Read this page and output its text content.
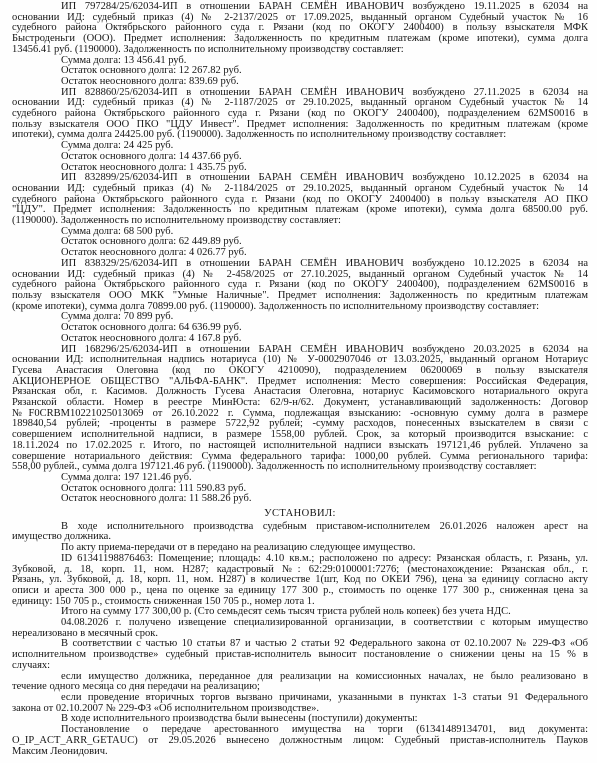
ИП 797284/25/62034-ИП в отношении БАРАН СЕМЁН ИВАНОВИЧ возбуждено 19.11.2025 в 62034 на
основании ИД: судебный приказ (4) № 2-2137/2025 от 17.09.2025, выданный органом Судебный участок № 16
судебного района Октябрьского районного суда г. Рязани (код по ОКОГУ 2400400) в пользу взыскателя МФК
Быстроденьги (ООО). Предмет исполнения: Задолженность по кредитным платежам (кроме ипотеки), сумма долга
13456.41 руб. (1190000). Задолженность по исполнительному производству составляет:
Сумма долга: 13 456.41 руб.
Остаток основного долга: 12 267.82 руб.
Остаток неосновного долга: 839.69 руб.
ИП 828860/25/62034-ИП в отношении БАРАН СЕМЁН ИВАНОВИЧ возбуждено 27.11.2025 в 62034 на
основании ИД: судебный приказ (4) № 2-1187/2025 от 29.10.2025, выданный органом Судебный участок № 14
судебного района Октябрьского районного суда г. Рязани (код по ОКОГУ 2400400), подразделением 62MS0016 в
пользу взыскателя ООО ПКО "ЦДУ Инвест". Предмет исполнения: Задолженность по кредитным платежам (кроме
ипотеки), сумма долга 24425.00 руб. (1190000). Задолженность по исполнительному производству составляет:
Сумма долга: 24 425 руб.
Остаток основного долга: 14 437.66 руб.
Остаток неосновного долга: 1 435.75 руб.
ИП 832899/25/62034-ИП в отношении БАРАН СЕМЁН ИВАНОВИЧ возбуждено 10.12.2025 в 62034 на
основании ИД: судебный приказ (4) № 2-1184/2025 от 29.10.2025, выданный органом Судебный участок № 14
судебного района Октябрьского районного суда г. Рязани (код по ОКОГУ 2400400) в пользу взыскателя АО ПКО
"ЦДУ". Предмет исполнения: Задолженность по кредитным платежам (кроме ипотеки), сумма долга 68500.00 руб.
(1190000). Задолженность по исполнительному производству составляет:
Сумма долга: 68 500 руб.
Остаток основного долга: 62 449.89 руб.
Остаток неосновного долга: 4 026.77 руб.
ИП 838329/25/62034-ИП в отношении БАРАН СЕМЁН ИВАНОВИЧ возбуждено 10.12.2025 в 62034 на
основании ИД: судебный приказ (4) № 2-458/2025 от 27.10.2025, выданный органом Судебный участок № 14
судебного района Октябрьского районного суда г. Рязани (код по ОКОГУ 2400400), подразделением 62MS0016 в
пользу взыскателя ООО МКК "Умные Наличные". Предмет исполнения: Задолженность по кредитным платежам
(кроме ипотеки), сумма долга 70899.00 руб. (1190000). Задолженность по исполнительному производству составляет:
Сумма долга: 70 899 руб.
Остаток основного долга: 64 636.99 руб.
Остаток неосновного долга: 4 167.8 руб.
ИП 168296/25/62034-ИП в отношении БАРАН СЕМЁН ИВАНОВИЧ возбуждено 20.03.2025 в 62034 на
основании ИД: исполнительная надпись нотариуса (10) № У-0002907046 от 13.03.2025, выданный органом Нотариус
Гусева Анастасия Олеговна (код по ОКОГУ 4210090), подразделением 06200069 в пользу взыскателя
АКЦИОНЕРНОЕ ОБЩЕСТВО "АЛЬФА-БАНК". Предмет исполнения: Место совершения: Российская Федерация,
Рязанская обл, г. Касимов. Должность Гусева Анастасия Олеговна, нотариус Касимовского нотариального округа
Рязанской области. Номер в реестре МинЮста: 62/9-н/62. Документ, устанавливающий задолженность: Договор
№F0CRBM10221025013069 от 26.10.2022 г. Сумма, подлежащая взысканию: -основную сумму долга в размере
189840,54 рублей; -проценты в размере 5722,92 рублей; -сумму расходов, понесенных взыскателем в связи с
совершением исполнительной надписи, в размере 1558,00 рублей. Срок, за который производится взыскание: с
18.11.2024 по 17.02.2025 г. Итого, по настоящей исполнительной надписи взыскать 197121,46 рублей. Уплачено за
совершение нотариального действия: Сумма федерального тарифа: 1000,00 рублей. Сумма регионального тарифа:
558,00 рублей., сумма долга 197121.46 руб. (1190000). Задолженность по исполнительному производству составляет:
Сумма долга: 197 121.46 руб.
Остаток основного долга: 111 590.83 руб.
Остаток неосновного долга: 11 588.26 руб.
УСТАНОВИЛ:
В ходе исполнительного производства судебным приставом-исполнителем 26.01.2026 наложен арест на
имущество должника.
По акту приема-передачи от в передано на реализацию следующее имущество.
ID 61341198876463: Помещение; площадь: 4.10 кв.м.; расположено по адресу: Рязанская область, г. Рязань, ул.
Зубковой, д. 18, корп. 11, ном. Н287; кадастровый №: 62:29:0100001:7276; (местонахождение: Рязанская обл., г.
Рязань, ул. Зубковой, д. 18, корп. 11, ном. Н287) в количестве 1(шт, Код по ОКЕИ 796), цена за единицу согласно акту
описи и ареста 300 000 р., цена по оценке за единицу 177 300 р., стоимость по оценке 177 300 р., сниженная цена за
единицу: 150 705 р., стоимость сниженная 150 705 р., номер лота 1.
Итого на сумму 177 300,00 р. (Сто семьдесят семь тысяч триста рублей ноль копеек) без учета НДС.
04.08.2026 г. получено извещение специализированной организации, в соответствии с которым имущество
нереализовано в месячный срок.
В соответствии с частью 10 статьи 87 и частью 2 статьи 92 Федерального закона от 02.10.2007 № 229-ФЗ «Об
исполнительном производстве» судебный пристав-исполнитель выносит постановление о снижении цены на 15 % в
случаях:
если имущество должника, переданное для реализации на комиссионных началах, не было реализовано в
течение одного месяца со дня передачи на реализацию;
если проведение вторичных торгов вызвано причинами, указанными в пунктах 1-3 статьи 91 Федерального
закона от 02.10.2007 № 229-ФЗ «Об исполнительном производстве».
В ходе исполнительного производства были вынесены (поступили) документы:
Постановление о передаче арестованного имущества на торги (61341489134701, вид документа:
O_IP_ACT_ARR_GETAUC) от 29.05.2026 вынесено должностным лицом: Судебный пристав-исполнитель Пауков
Максим Леонидович.
